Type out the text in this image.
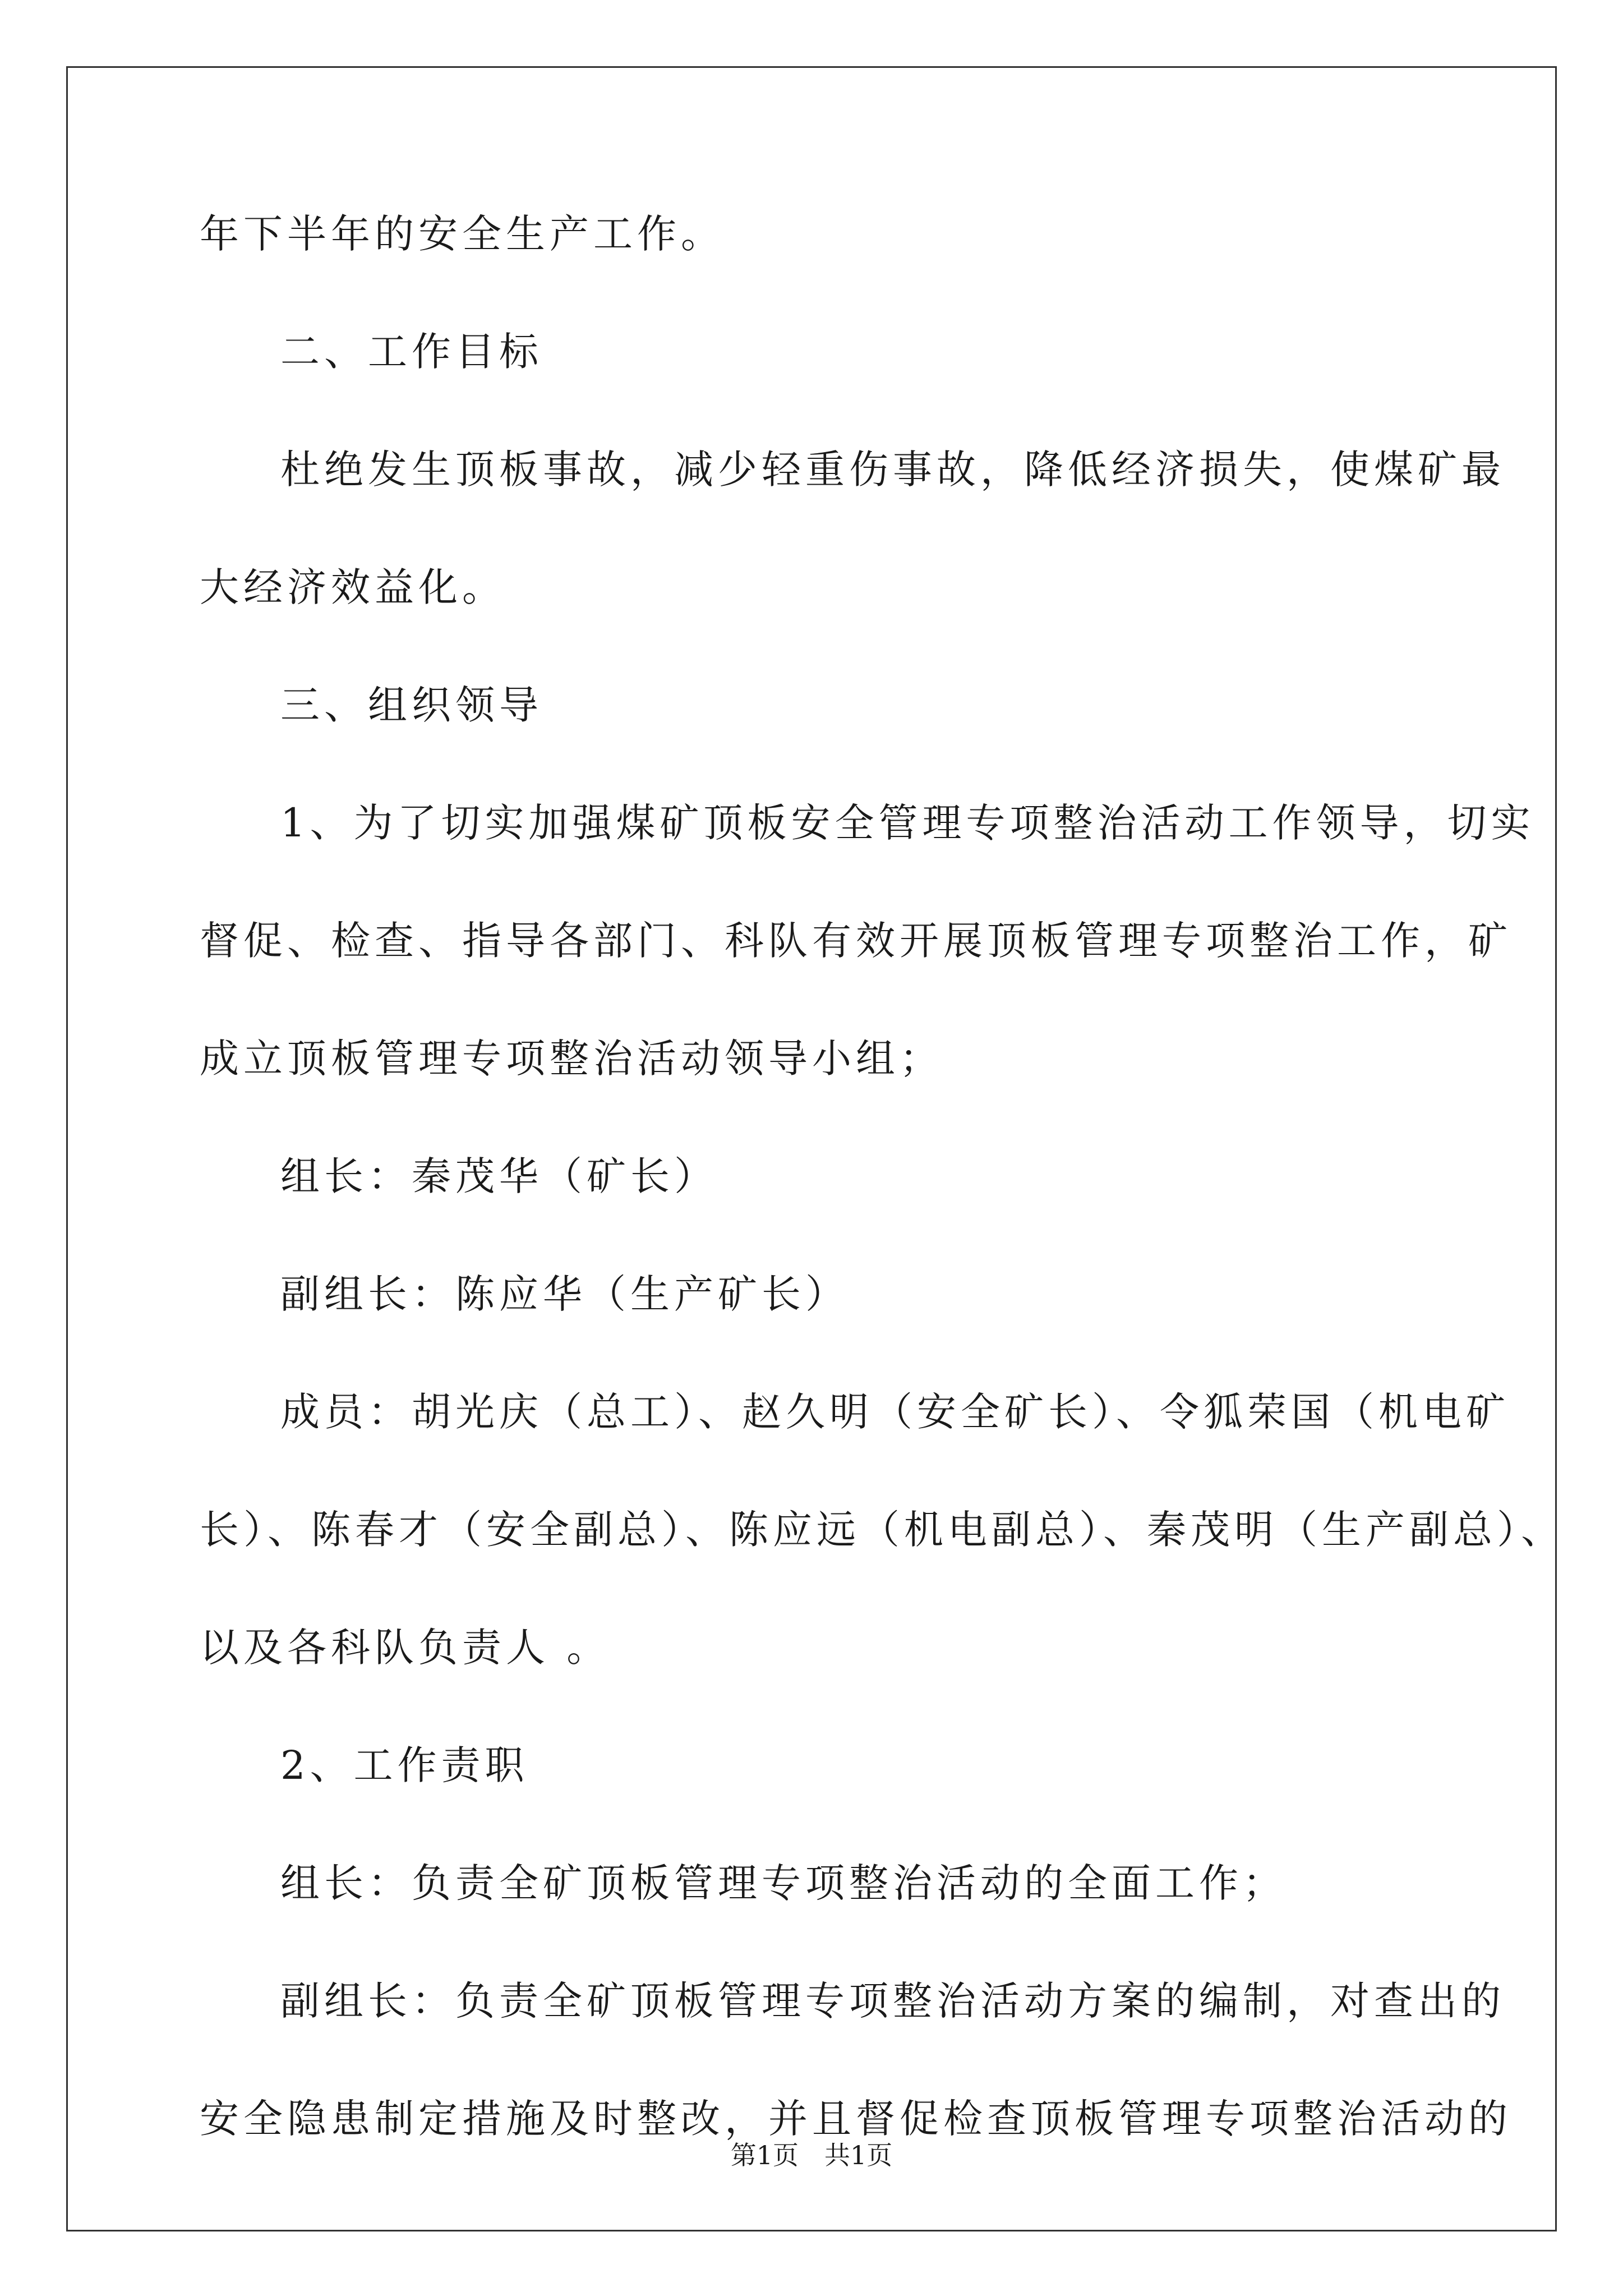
年下半年的安全生产工作。
二、工作目标
杜绝发生顶板事故，减少轻重伤事故，降低经济损失，使煤矿最
大经济效益化。
三、组织领导
1、为了切实加强煤矿顶板安全管理专项整治活动工作领导，切实
督促、检查、指导各部门、科队有效开展顶板管理专项整治工作，矿
成立顶板管理专项整治活动领导小组；
组长：秦茂华（矿长）
副组长：陈应华（生产矿长）
成员：胡光庆（总工）、赵久明（安全矿长）、令狐荣国（机电矿
长）、陈春才（安全副总）、陈应远（机电副总）、秦茂明（生产副总）、
以及各科队负责人 。
2、工作责职
组长：负责全矿顶板管理专项整治活动的全面工作；
副组长：负责全矿顶板管理专项整治活动方案的编制，对查出的
安全隐患制定措施及时整改，并且督促检查顶板管理专项整治活动的
第1页　共1页
